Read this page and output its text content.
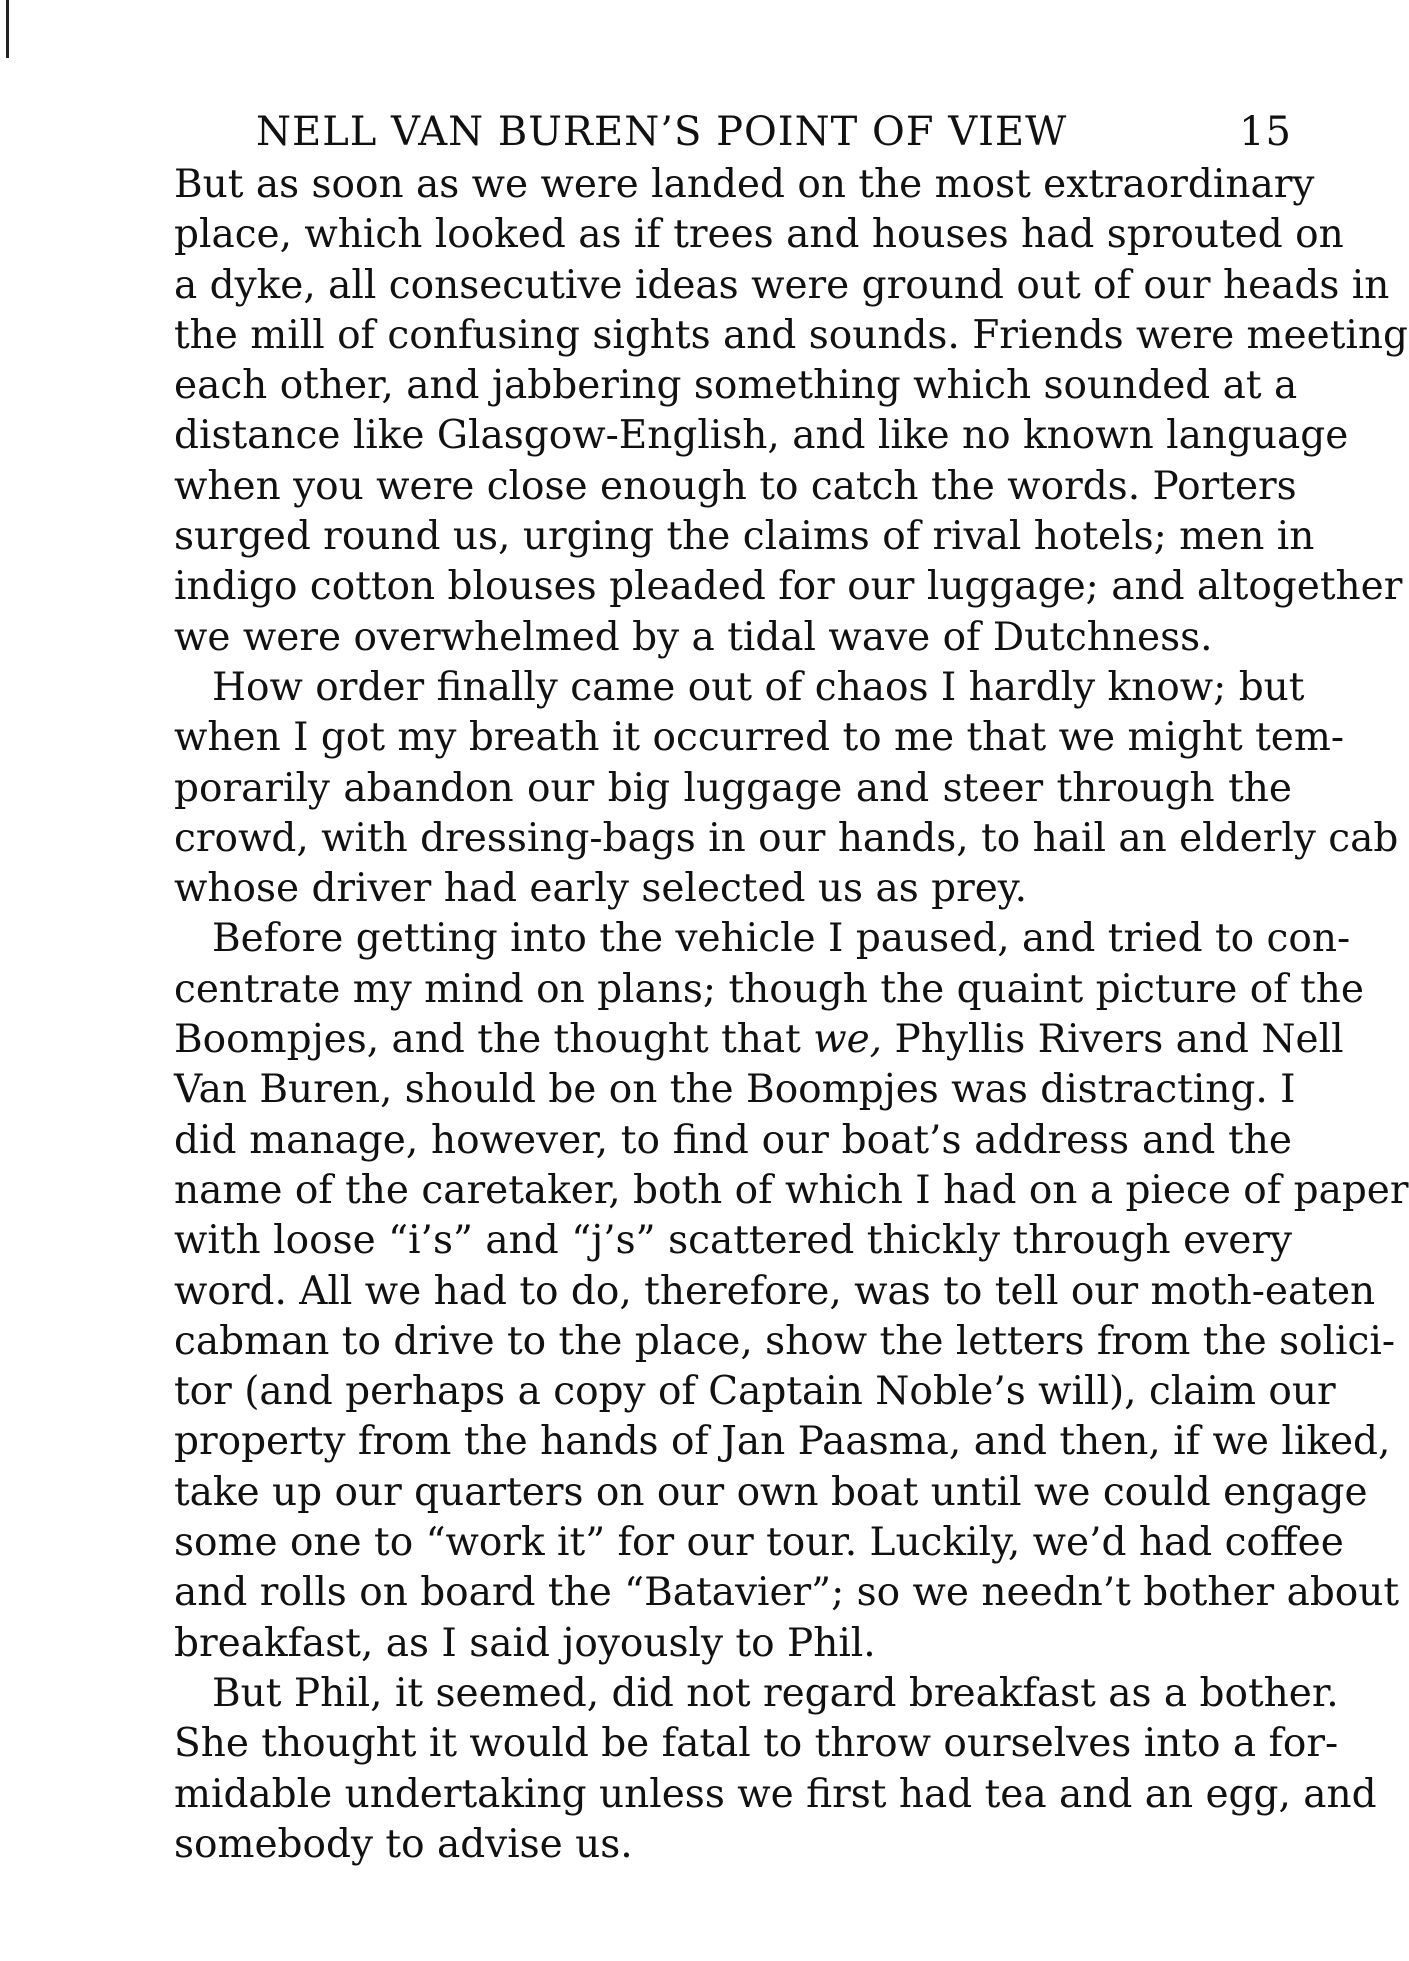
NELL VAN BUREN’S POINT OF VIEW	15
But as soon as we were landed on the most extraordinary
place, which looked as if trees and houses had sprouted on
a dyke, all consecutive ideas were ground out of our heads in
the mill of confusing sights and sounds. Friends were meeting
each other, and jabbering something which sounded at a
distance like Glasgow-English, and like no known language
when you were close enough to catch the words. Porters
surged round us, urging the claims of rival hotels; men in
indigo cotton blouses pleaded for our luggage; and altogether
we were overwhelmed by a tidal wave of Dutchness.
How order finally came out of chaos I hardly know; but
when I got my breath it occurred to me that we might tem-
porarily abandon our big luggage and steer through the
crowd, with dressing-bags in our hands, to hail an elderly cab
whose driver had early selected us as prey.
Before getting into the vehicle I paused, and tried to con-
centrate my mind on plans; though the quaint picture of the
Boompjes, and the thought that we, Phyllis Rivers and Nell
Van Buren, should be on the Boompjes was distracting. I
did manage, however, to find our boat’s address and the
name of the caretaker, both of which I had on a piece of paper
with loose “i’s” and “j’s” scattered thickly through every
word. All we had to do, therefore, was to tell our moth-eaten
cabman to drive to the place, show the letters from the solici-
tor (and perhaps a copy of Captain Noble’s will), claim our
property from the hands of Jan Paasma, and then, if we liked,
take up our quarters on our own boat until we could engage
some one to “work it” for our tour. Luckily, we’d had coffee
and rolls on board the “Batavier”; so we needn’t bother about
breakfast, as I said joyously to Phil.
But Phil, it seemed, did not regard breakfast as a bother.
She thought it would be fatal to throw ourselves into a for-
midable undertaking unless we first had tea and an egg, and
somebody to advise us.
